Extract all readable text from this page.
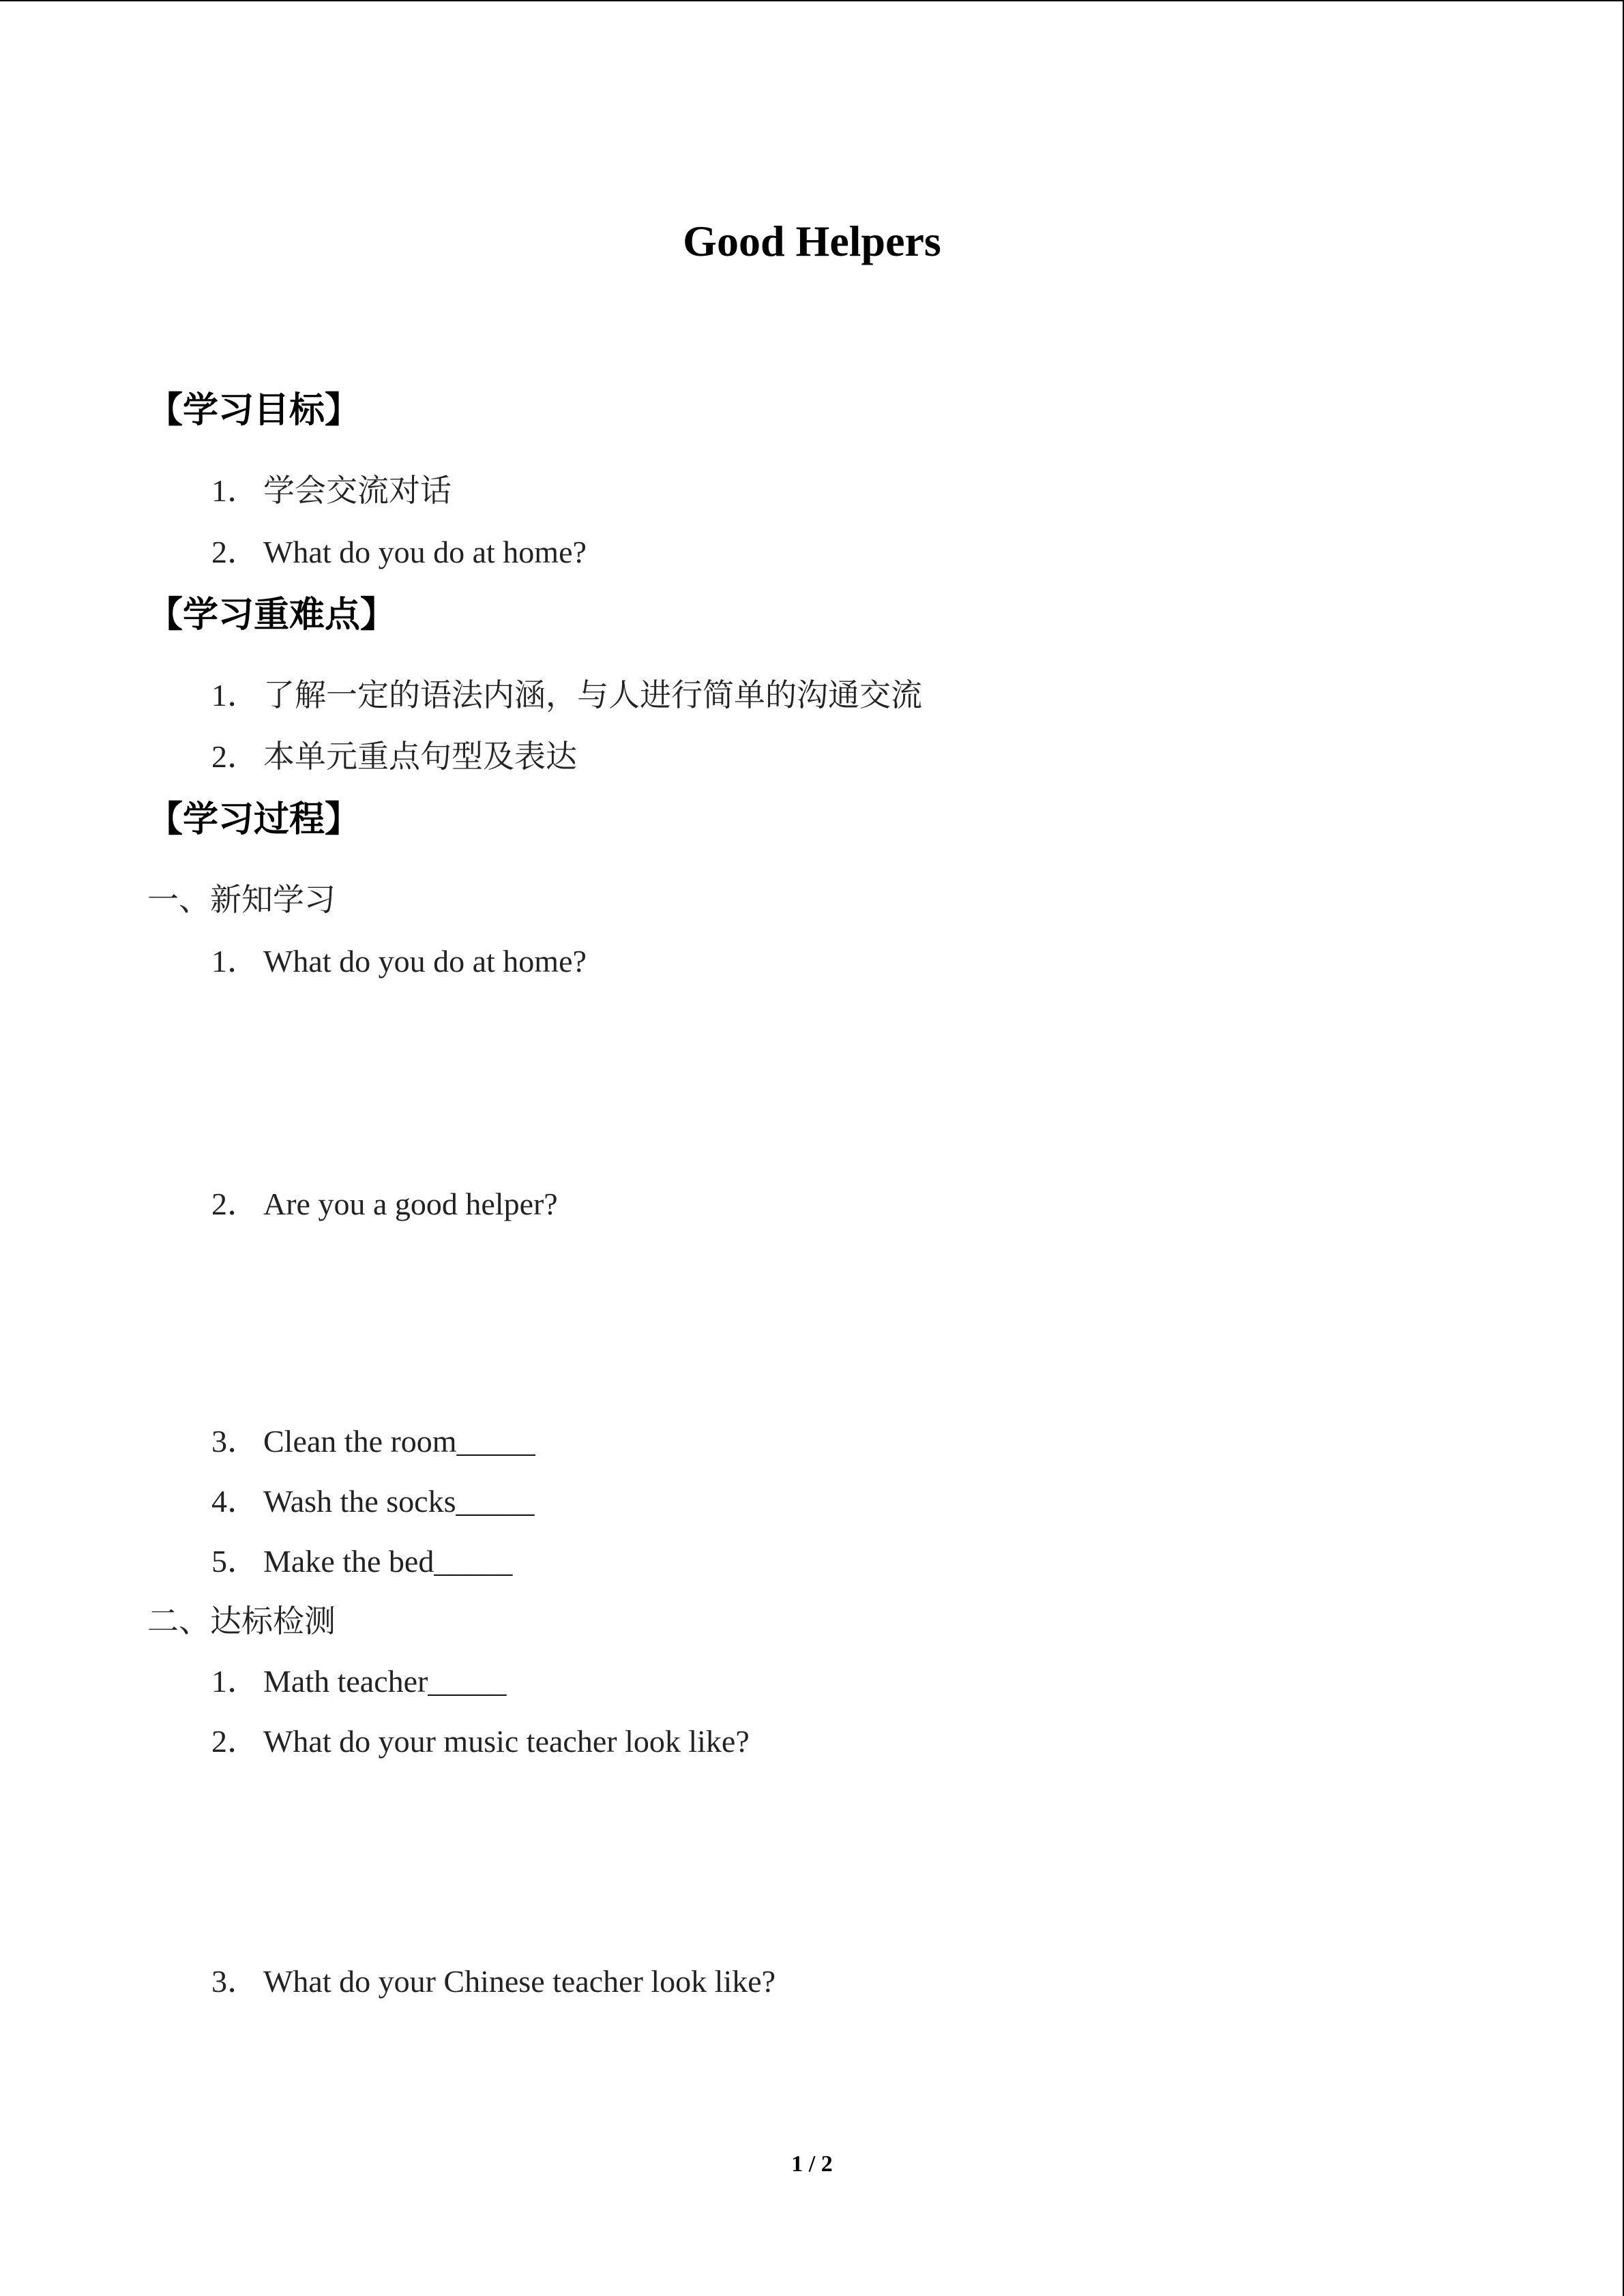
Good Helpers

【学习目标】

1． 学会交流对话

2． What do you do at home?

【学习重难点】

1． 了解一定的语法内涵，与人进行简单的沟通交流

2． 本单元重点句型及表达

【学习过程】

一、新知学习

1． What do you do at home?

2． Are you a good helper?

3． Clean the room_____

4． Wash the socks_____

5． Make the bed_____

二、达标检测

1． Math teacher_____

2． What do your music teacher look like?

3． What do your Chinese teacher look like?

1 / 2
